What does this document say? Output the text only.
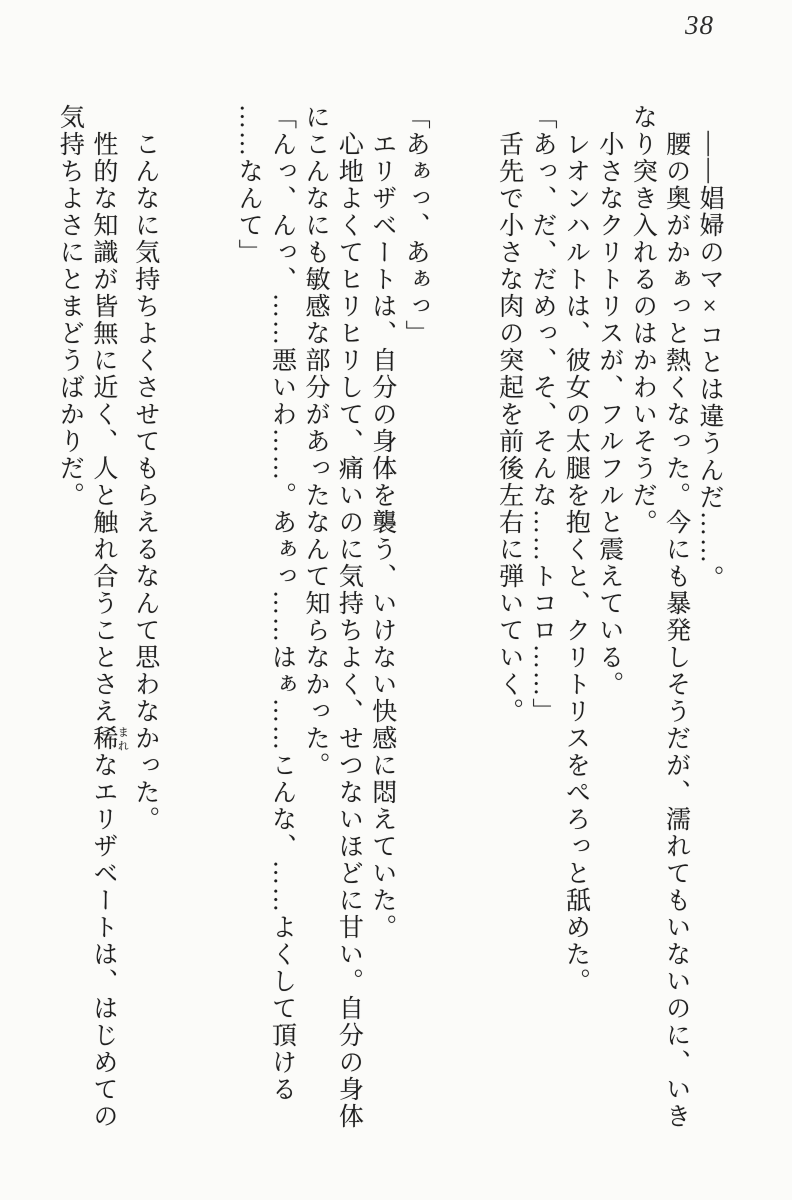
38

――娼婦のマ×コとは違うんだ……。

腰の奥がかぁっと熱くなった。今にも暴発しそうだが、濡れてもいないのに、いき

なり突き入れるのはかわいそうだ。

小さなクリトリスが、フルフルと震えている。

レオンハルトは、彼女の太腿を抱くと、クリトリスをぺろっと舐めた。

「あっ、だ、だめっ、そ、そんな……トコロ……」

舌先で小さな肉の突起を前後左右に弾いていく。

「あぁっ、あぁっ」

エリザベートは、自分の身体を襲う、いけない快感に悶えていた。

心地よくてヒリヒリして、痛いのに気持ちよく、せつないほどに甘い。自分の身体

にこんなにも敏感な部分があったなんて知らなかった。

「んっ、んっ、……悪いわ……。あぁっ……はぁ……こんな、……よくして頂ける

……なんて」

こんなに気持ちよくさせてもらえるなんて思わなかった。

性的な知識が皆無に近く、人と触れ合うことさえ稀 まれなエリザベートは、はじめての

気持ちよさにとまどうばかりだ。
